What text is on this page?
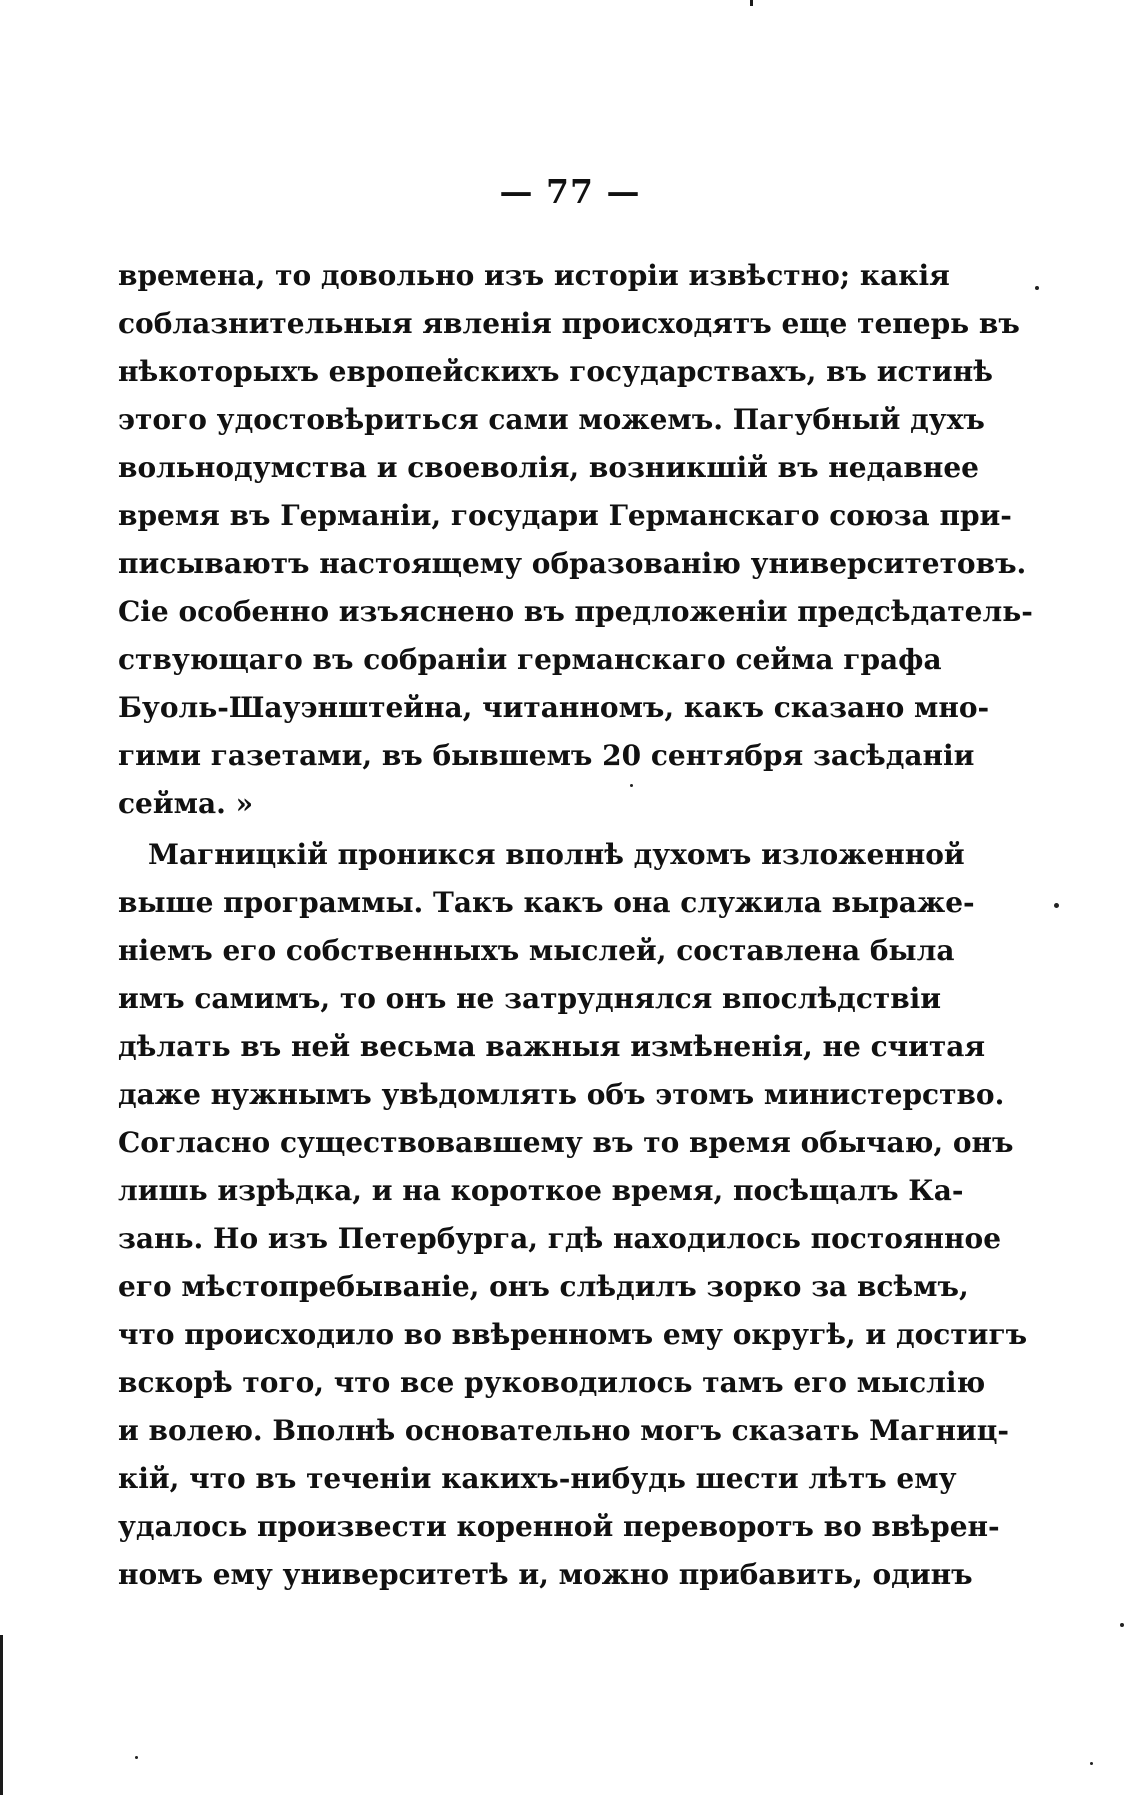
— 77 —
времена, то довольно изъ исторіи извѣстно; какія
соблазнительныя явленія происходятъ еще теперь въ
нѣкоторыхъ европейскихъ государствахъ, въ истинѣ
этого удостовѣриться сами можемъ. Пагубный духъ
вольнодумства и своеволія, возникшій въ недавнее
время въ Германіи, государи Германскаго союза при-
писываютъ настоящему образованію университетовъ.
Сіе особенно изъяснено въ предложеніи предсѣдатель-
ствующаго въ собраніи германскаго сейма графа
Буоль-Шауэнштейна, читанномъ, какъ сказано мно-
гими газетами, въ бывшемъ 20 сентября засѣданіи
сейма. »
Магницкій проникся вполнѣ духомъ изложенной
выше программы. Такъ какъ она служила выраже-
ніемъ его собственныхъ мыслей, составлена была
имъ самимъ, то онъ не затруднялся впослѣдствіи
дѣлать въ ней весьма важныя измѣненія, не считая
даже нужнымъ увѣдомлять объ этомъ министерство.
Согласно существовавшему въ то время обычаю, онъ
лишь изрѣдка, и на короткое время, посѣщалъ Ка-
зань. Но изъ Петербурга, гдѣ находилось постоянное
его мѣстопребываніе, онъ слѣдилъ зорко за всѣмъ,
что происходило во ввѣренномъ ему округѣ, и достигъ
вскорѣ того, что все руководилось тамъ его мыслію
и волею. Вполнѣ основательно могъ сказать Магниц-
кій, что въ теченіи какихъ-нибудь шести лѣтъ ему
удалось произвести коренной переворотъ во ввѣрен-
номъ ему университетѣ и, можно прибавить, одинъ
